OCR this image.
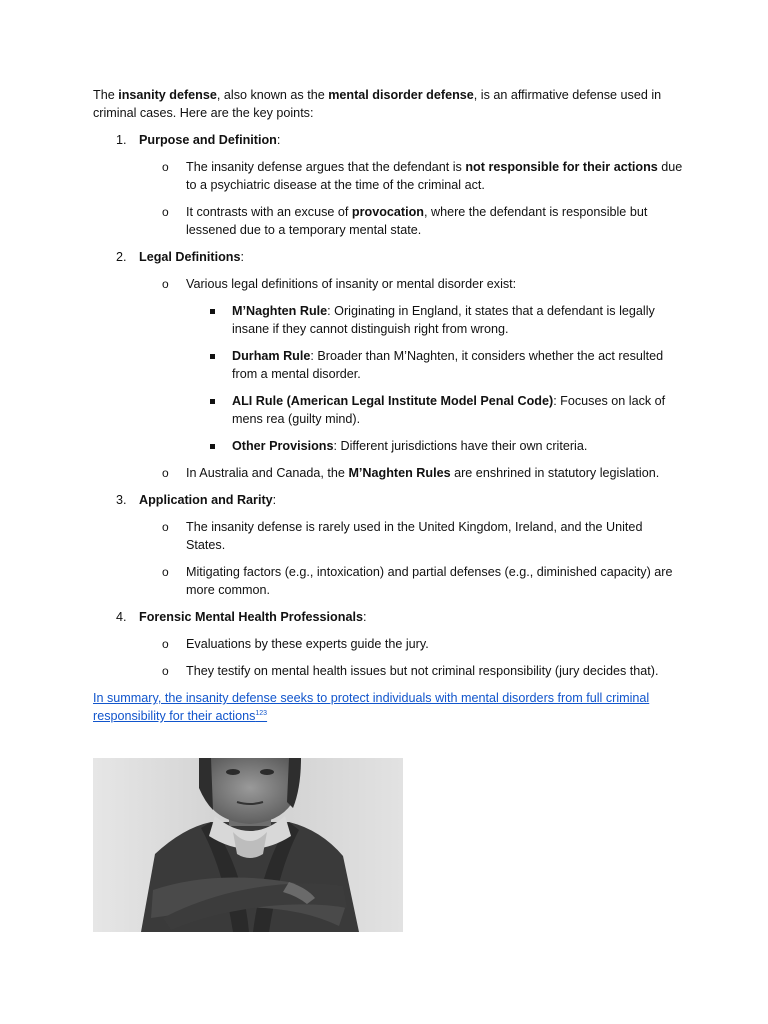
The insanity defense, also known as the mental disorder defense, is an affirmative defense used in criminal cases. Here are the key points:

1. Purpose and Definition:
o The insanity defense argues that the defendant is not responsible for their actions due to a psychiatric disease at the time of the criminal act.
o It contrasts with an excuse of provocation, where the defendant is responsible but lessened due to a temporary mental state.
2. Legal Definitions:
o Various legal definitions of insanity or mental disorder exist:
M’Naghten Rule: Originating in England, it states that a defendant is legally insane if they cannot distinguish right from wrong.
Durham Rule: Broader than M’Naghten, it considers whether the act resulted from a mental disorder.
ALI Rule (American Legal Institute Model Penal Code): Focuses on lack of mens rea (guilty mind).
Other Provisions: Different jurisdictions have their own criteria.
o In Australia and Canada, the M’Naghten Rules are enshrined in statutory legislation.
3. Application and Rarity:
o The insanity defense is rarely used in the United Kingdom, Ireland, and the United States.
o Mitigating factors (e.g., intoxication) and partial defenses (e.g., diminished capacity) are more common.
4. Forensic Mental Health Professionals:
o Evaluations by these experts guide the jury.
o They testify on mental health issues but not criminal responsibility (jury decides that).

In summary, the insanity defense seeks to protect individuals with mental disorders from full criminal responsibility for their actions$^{123}$
